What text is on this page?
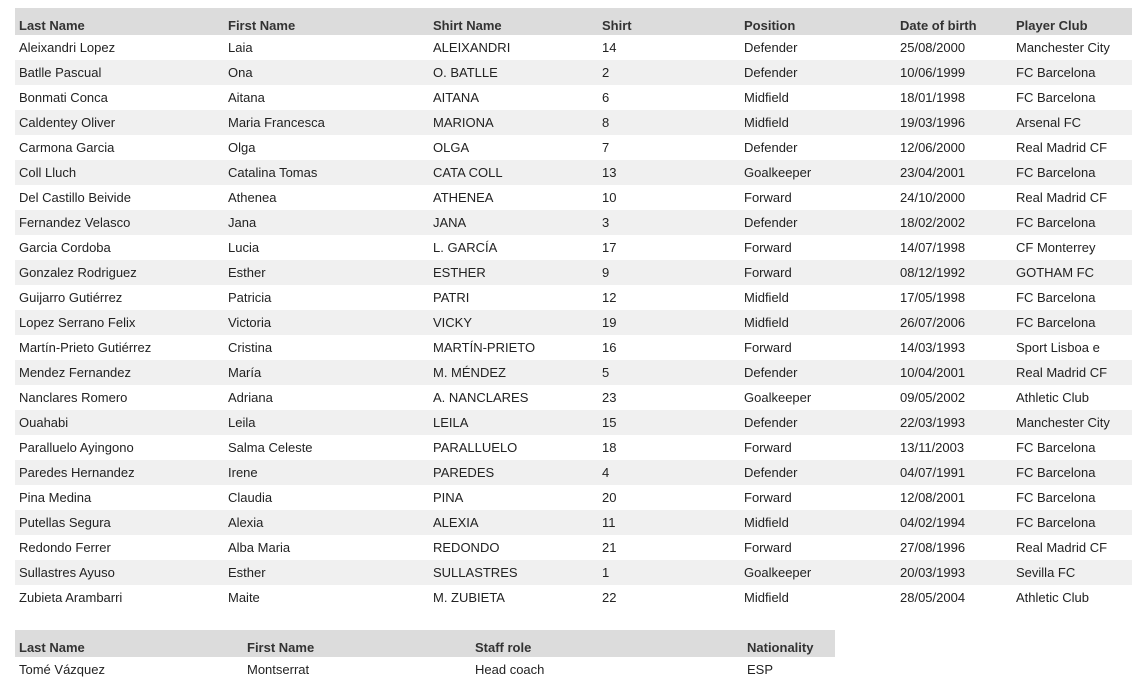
Last Name	First Name	Shirt Name	Shirt	Position	Date of birth	Player Club
Aleixandri Lopez	Laia	ALEIXANDRI	14	Defender	25/08/2000	Manchester City
Batlle Pascual	Ona	O. BATLLE	2	Defender	10/06/1999	FC Barcelona
Bonmati Conca	Aitana	AITANA	6	Midfield	18/01/1998	FC Barcelona
Caldentey Oliver	Maria Francesca	MARIONA	8	Midfield	19/03/1996	Arsenal FC
Carmona Garcia	Olga	OLGA	7	Defender	12/06/2000	Real Madrid CF
Coll Lluch	Catalina Tomas	CATA COLL	13	Goalkeeper	23/04/2001	FC Barcelona
Del Castillo Beivide	Athenea	ATHENEA	10	Forward	24/10/2000	Real Madrid CF
Fernandez Velasco	Jana	JANA	3	Defender	18/02/2002	FC Barcelona
Garcia Cordoba	Lucia	L. GARCÍA	17	Forward	14/07/1998	CF Monterrey
Gonzalez Rodriguez	Esther	ESTHER	9	Forward	08/12/1992	GOTHAM FC
Guijarro Gutiérrez	Patricia	PATRI	12	Midfield	17/05/1998	FC Barcelona
Lopez Serrano Felix	Victoria	VICKY	19	Midfield	26/07/2006	FC Barcelona
Martín-Prieto Gutiérrez	Cristina	MARTÍN-PRIETO	16	Forward	14/03/1993	Sport Lisboa e
Mendez Fernandez	María	M. MÉNDEZ	5	Defender	10/04/2001	Real Madrid CF
Nanclares Romero	Adriana	A. NANCLARES	23	Goalkeeper	09/05/2002	Athletic Club
Ouahabi	Leila	LEILA	15	Defender	22/03/1993	Manchester City
Paralluelo Ayingono	Salma Celeste	PARALLUELO	18	Forward	13/11/2003	FC Barcelona
Paredes Hernandez	Irene	PAREDES	4	Defender	04/07/1991	FC Barcelona
Pina Medina	Claudia	PINA	20	Forward	12/08/2001	FC Barcelona
Putellas Segura	Alexia	ALEXIA	11	Midfield	04/02/1994	FC Barcelona
Redondo Ferrer	Alba Maria	REDONDO	21	Forward	27/08/1996	Real Madrid CF
Sullastres Ayuso	Esther	SULLASTRES	1	Goalkeeper	20/03/1993	Sevilla FC
Zubieta Arambarri	Maite	M. ZUBIETA	22	Midfield	28/05/2004	Athletic Club
Last Name	First Name	Staff role	Nationality
Tomé Vázquez	Montserrat	Head coach	ESP
